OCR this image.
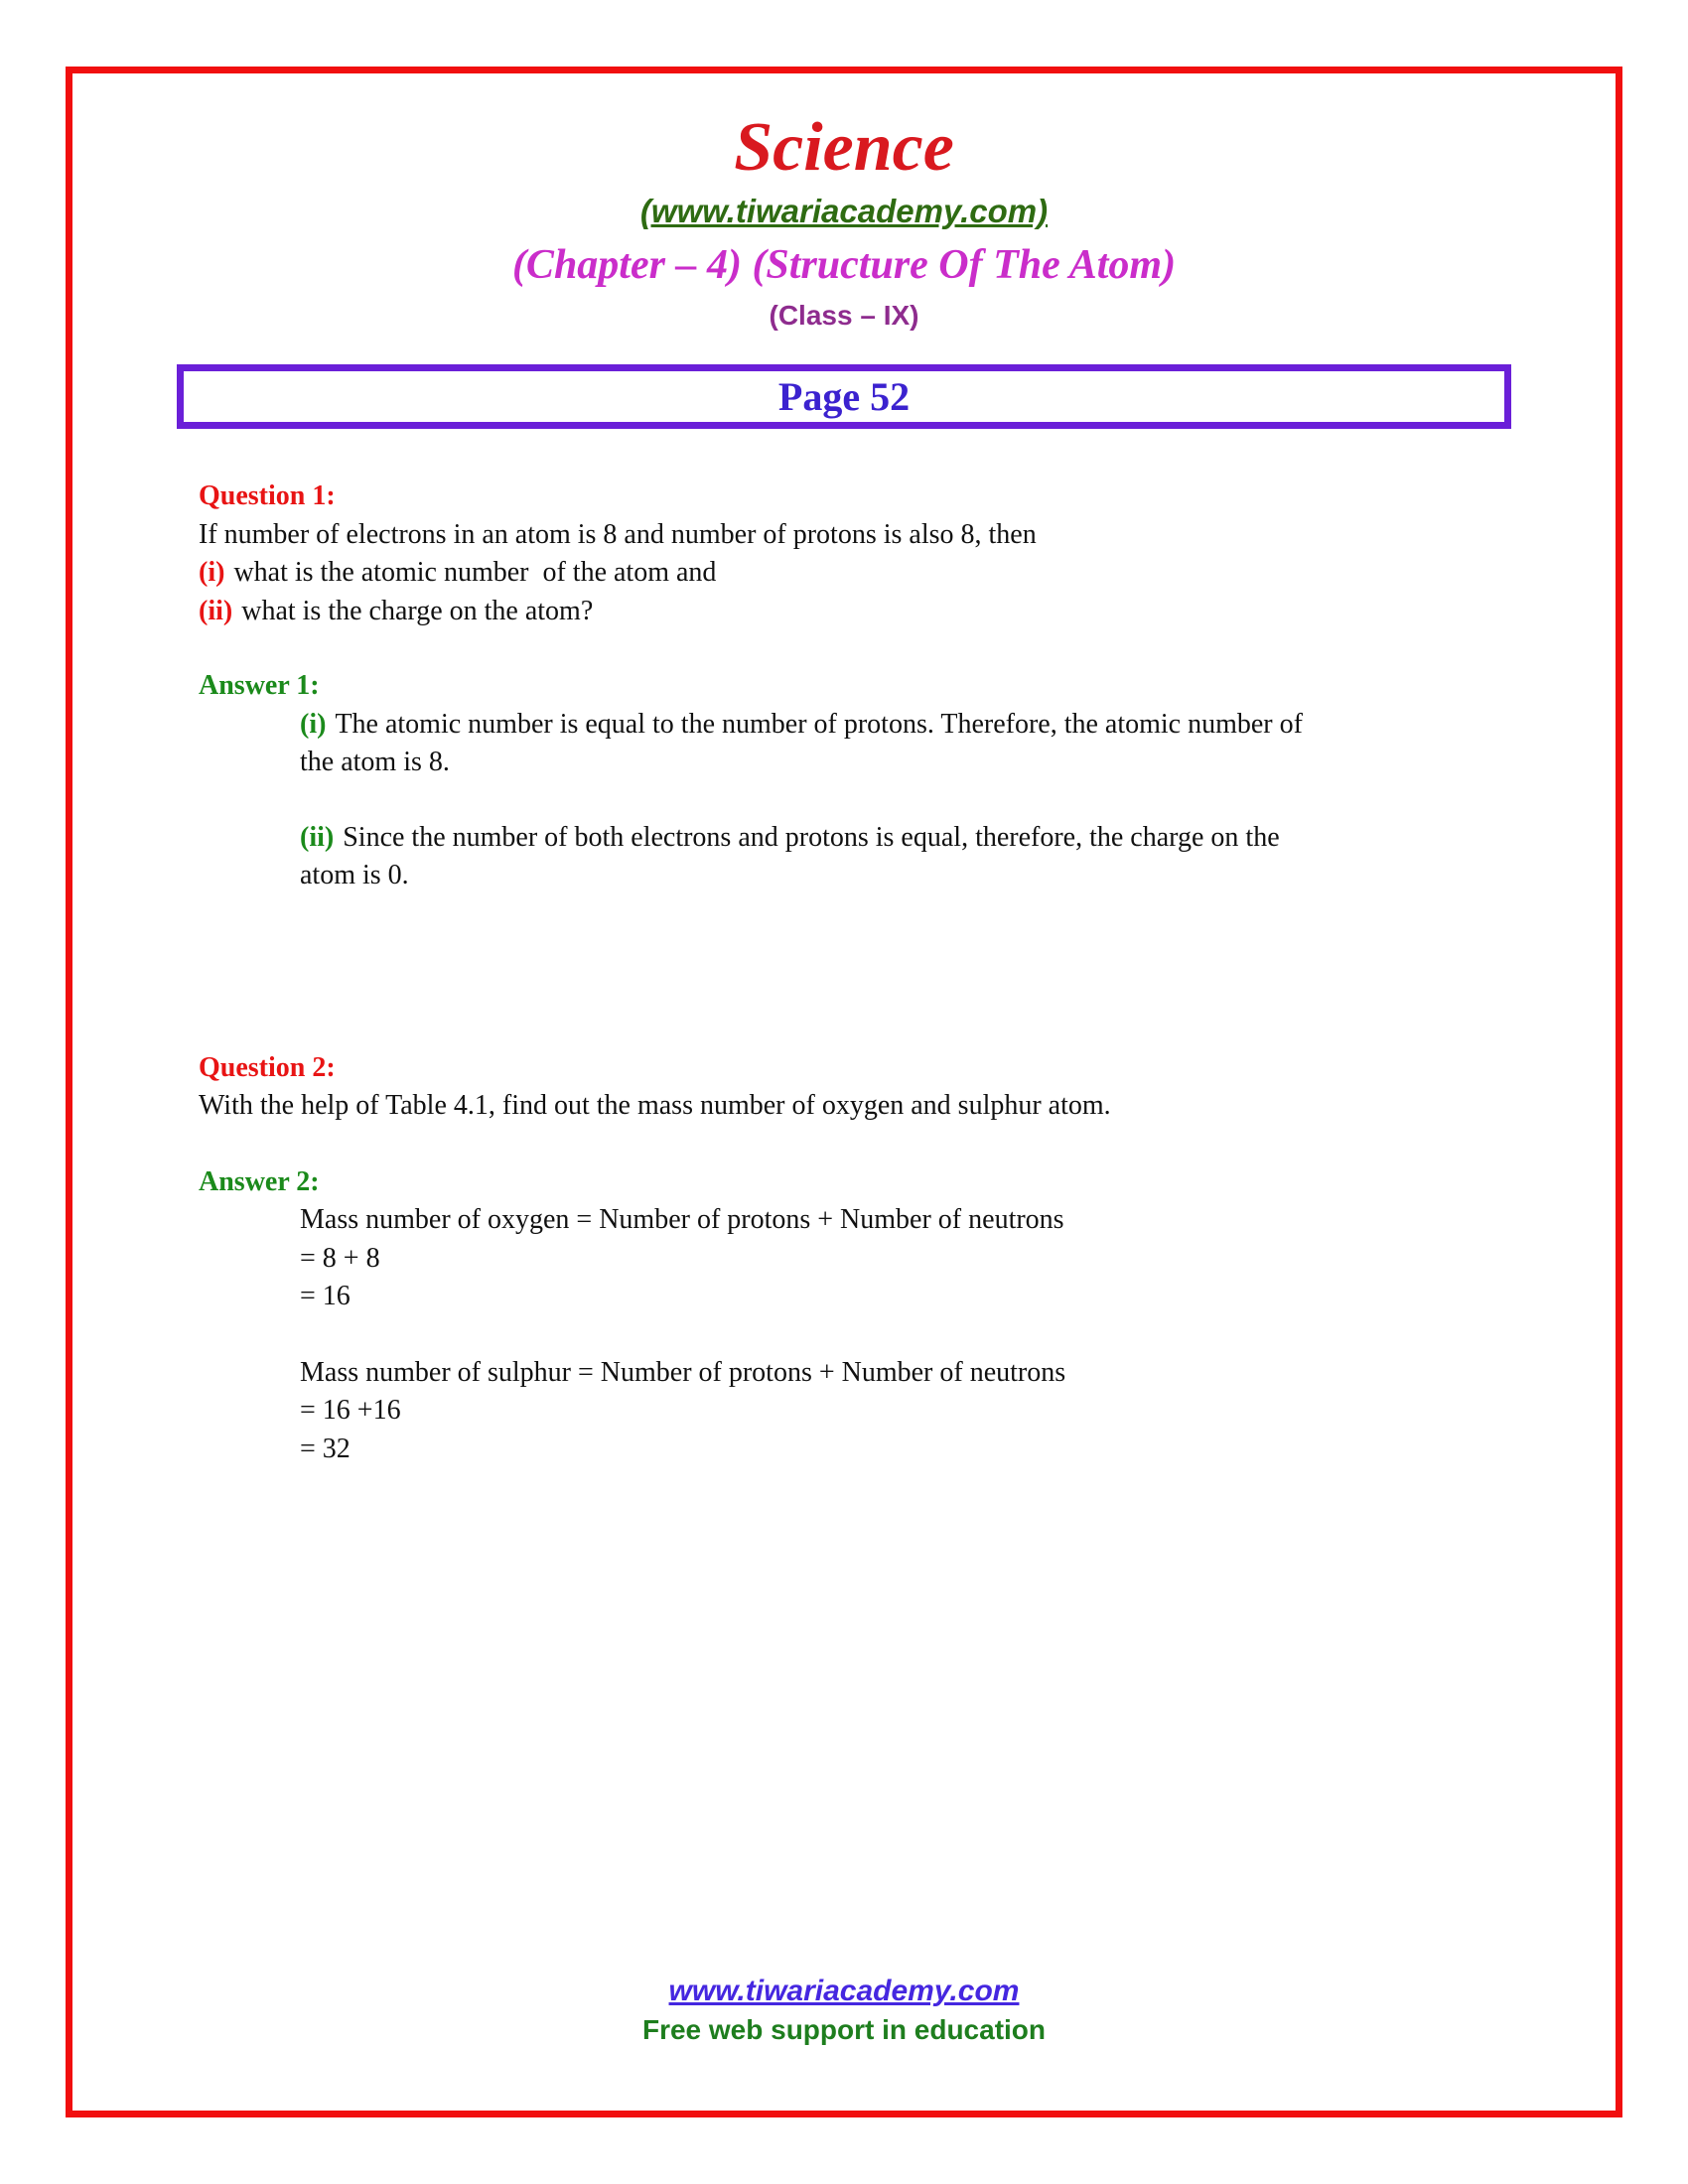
Science
(www.tiwariacademy.com)
(Chapter – 4) (Structure Of The Atom)
(Class – IX)
Page 52
Question 1:

If number of electrons in an atom is 8 and number of protons is also 8, then

(i) what is the atomic number  of the atom and

(ii) what is the charge on the atom?

Answer 1:

(i) The atomic number is equal to the number of protons. Therefore, the atomic number of

the atom is 8.

(ii) Since the number of both electrons and protons is equal, therefore, the charge on the

atom is 0.

Question 2:

With the help of Table 4.1, find out the mass number of oxygen and sulphur atom.

Answer 2:

Mass number of oxygen = Number of protons + Number of neutrons

= 8 + 8

= 16

Mass number of sulphur = Number of protons + Number of neutrons

= 16 +16

= 32

www.tiwariacademy.com
Free web support in education
